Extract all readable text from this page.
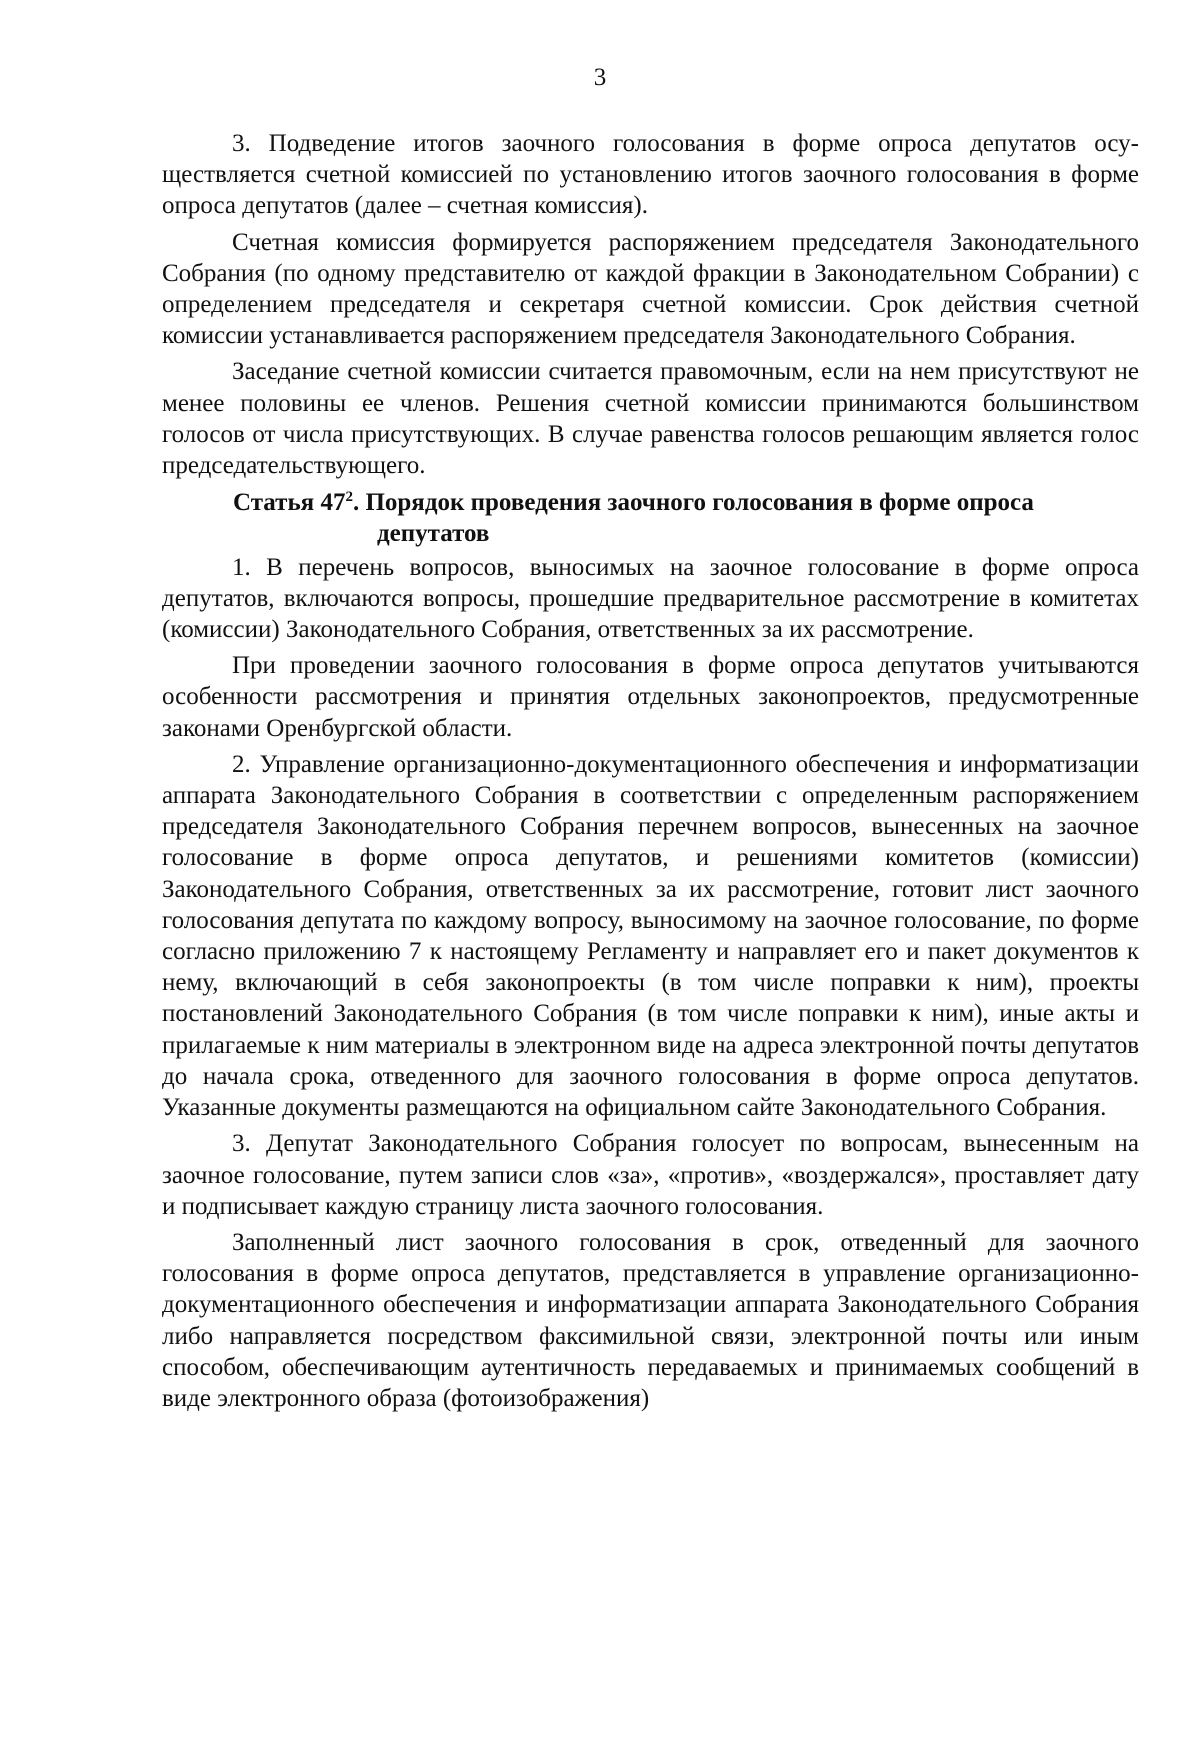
3

3. Подведение итогов заочного голосования в форме опроса депутатов осуществляется счетной комиссией по установлению итогов заочного голосования в форме опроса депутатов (далее – счетная комиссия).

Счетная комиссия формируется распоряжением председателя Законодательного Собрания (по одному представителю от каждой фракции в Законодательном Собрании) с определением председателя и секретаря счетной комиссии. Срок действия счетной комиссии устанавливается распоряжением председателя Законодательного Собрания.

Заседание счетной комиссии считается правомочным, если на нем присутствуют не менее половины ее членов. Решения счетной комиссии принимаются большинством голосов от числа присутствующих. В случае равенства голосов решающим является голос председательствующего.

Статья $47^2$. Порядок проведения заочного голосования в форме опроса депутатов

1. В перечень вопросов, выносимых на заочное голосование в форме опроса депутатов, включаются вопросы, прошедшие предварительное рассмотрение в комитетах (комиссии) Законодательного Собрания, ответственных за их рассмотрение.

При проведении заочного голосования в форме опроса депутатов учитываются особенности рассмотрения и принятия отдельных законопроектов, предусмотренные законами Оренбургской области.

2. Управление организационно-документационного обеспечения и информатизации аппарата Законодательного Собрания в соответствии с определенным распоряжением председателя Законодательного Собрания перечнем вопросов, вынесенных на заочное голосование в форме опроса депутатов, и решениями комитетов (комиссии) Законодательного Собрания, ответственных за их рассмотрение, готовит лист заочного голосования депутата по каждому вопросу, выносимому на заочное голосование, по форме согласно приложению 7 к настоящему Регламенту и направляет его и пакет документов к нему, включающий в себя законопроекты (в том числе поправки к ним), проекты постановлений Законодательного Собрания (в том числе поправки к ним), иные акты и прилагаемые к ним материалы в электронном виде на адреса электронной почты депутатов до начала срока, отведенного для заочного голосования в форме опроса депутатов. Указанные документы размещаются на официальном сайте Законодательного Собрания.

3. Депутат Законодательного Собрания голосует по вопросам, вынесенным на заочное голосование, путем записи слов «за», «против», «воздержался», проставляет дату и подписывает каждую страницу листа заочного голосования.

Заполненный лист заочного голосования в срок, отведенный для заочного голосования в форме опроса депутатов, представляется в управление организационно-документационного обеспечения и информатизации аппарата Законодательного Собрания либо направляется посредством факсимильной связи, электронной почты или иным способом, обеспечивающим аутентичность передаваемых и принимаемых сообщений в виде электронного образа (фотоизображения)
